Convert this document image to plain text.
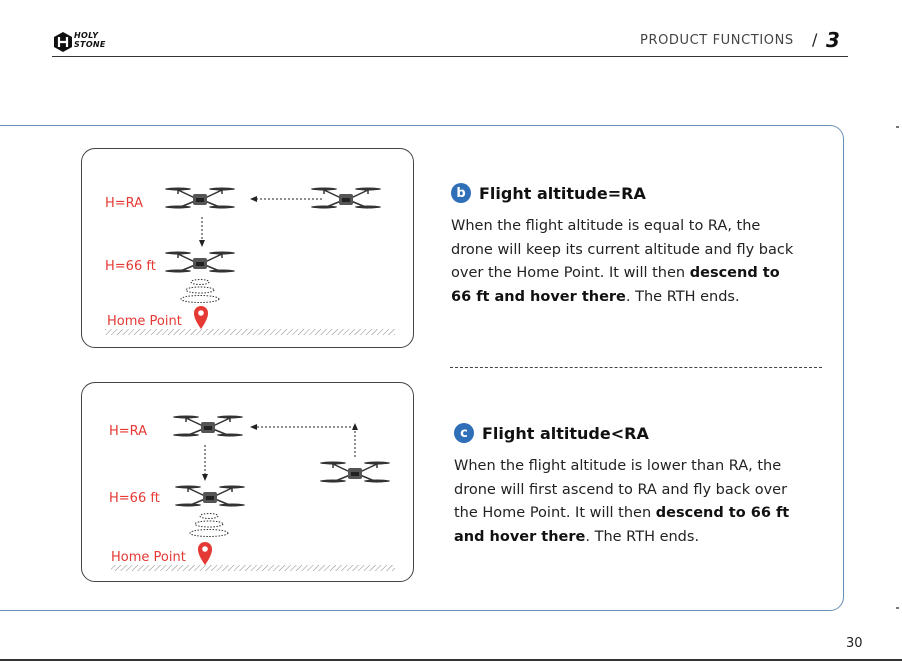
HOLY
STONE	PRODUCT FUNCTIONS / 3
H=RA
H=66 ft
Home Point
H=RA
H=66 ft
Home Point
b Flight altitude=RA
When the flight altitude is equal to RA, the drone will keep its current altitude and fly back over the Home Point. It will then descend to 66 ft and hover there. The RTH ends.
c Flight altitude<RA
When the flight altitude is lower than RA, the drone will first ascend to RA and fly back over the Home Point. It will then descend to 66 ft and hover there. The RTH ends.
30
